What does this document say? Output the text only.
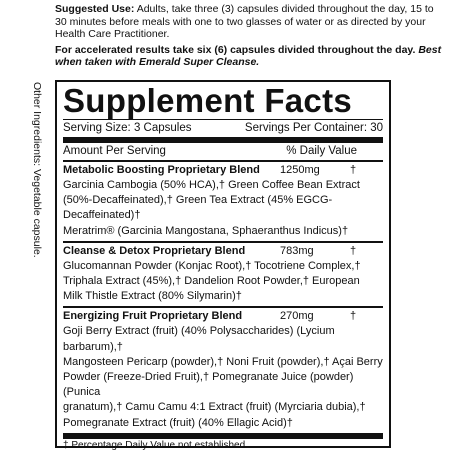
Suggested Use: Adults, take three (3) capsules divided throughout the day, 15 to 30 minutes before meals with one to two glasses of water or as directed by your Health Care Practitioner.

For accelerated results take six (6) capsules divided throughout the day. Best when taken with Emerald Super Cleanse.

Other Ingredients: Vegetable capsule. Supplement Facts
Serving Size: 3 Capsules	Servings Per Container: 30
Amount Per Serving	% Daily Value
Metabolic Boosting Proprietary Blend	1250mg	†
Garcinia Cambogia (50% HCA),† Green Coffee Bean Extract
(50%-Decaffeinated),† Green Tea Extract (45% EGCG-Decaffeinated)†
Meratrim® (Garcinia Mangostana, Sphaeranthus Indicus)†
Cleanse & Detox Proprietary Blend	783mg	†
Glucomannan Powder (Konjac Root),† Tocotriene Complex,†
Triphala Extract (45%),† Dandelion Root Powder,† European
Milk Thistle Extract (80% Silymarin)†
Energizing Fruit Proprietary Blend	270mg	†
Goji Berry Extract (fruit) (40% Polysaccharides) (Lycium barbarum),†
Mangosteen Pericarp (powder),† Noni Fruit (powder),† Açai Berry
Powder (Freeze-Dried Fruit),† Pomegranate Juice (powder) (Punica
granatum),† Camu Camu 4:1 Extract (fruit) (Myrciaria dubia),†
Pomegranate Extract (fruit) (40% Ellagic Acid)†
† Percentage Daily Value not established
